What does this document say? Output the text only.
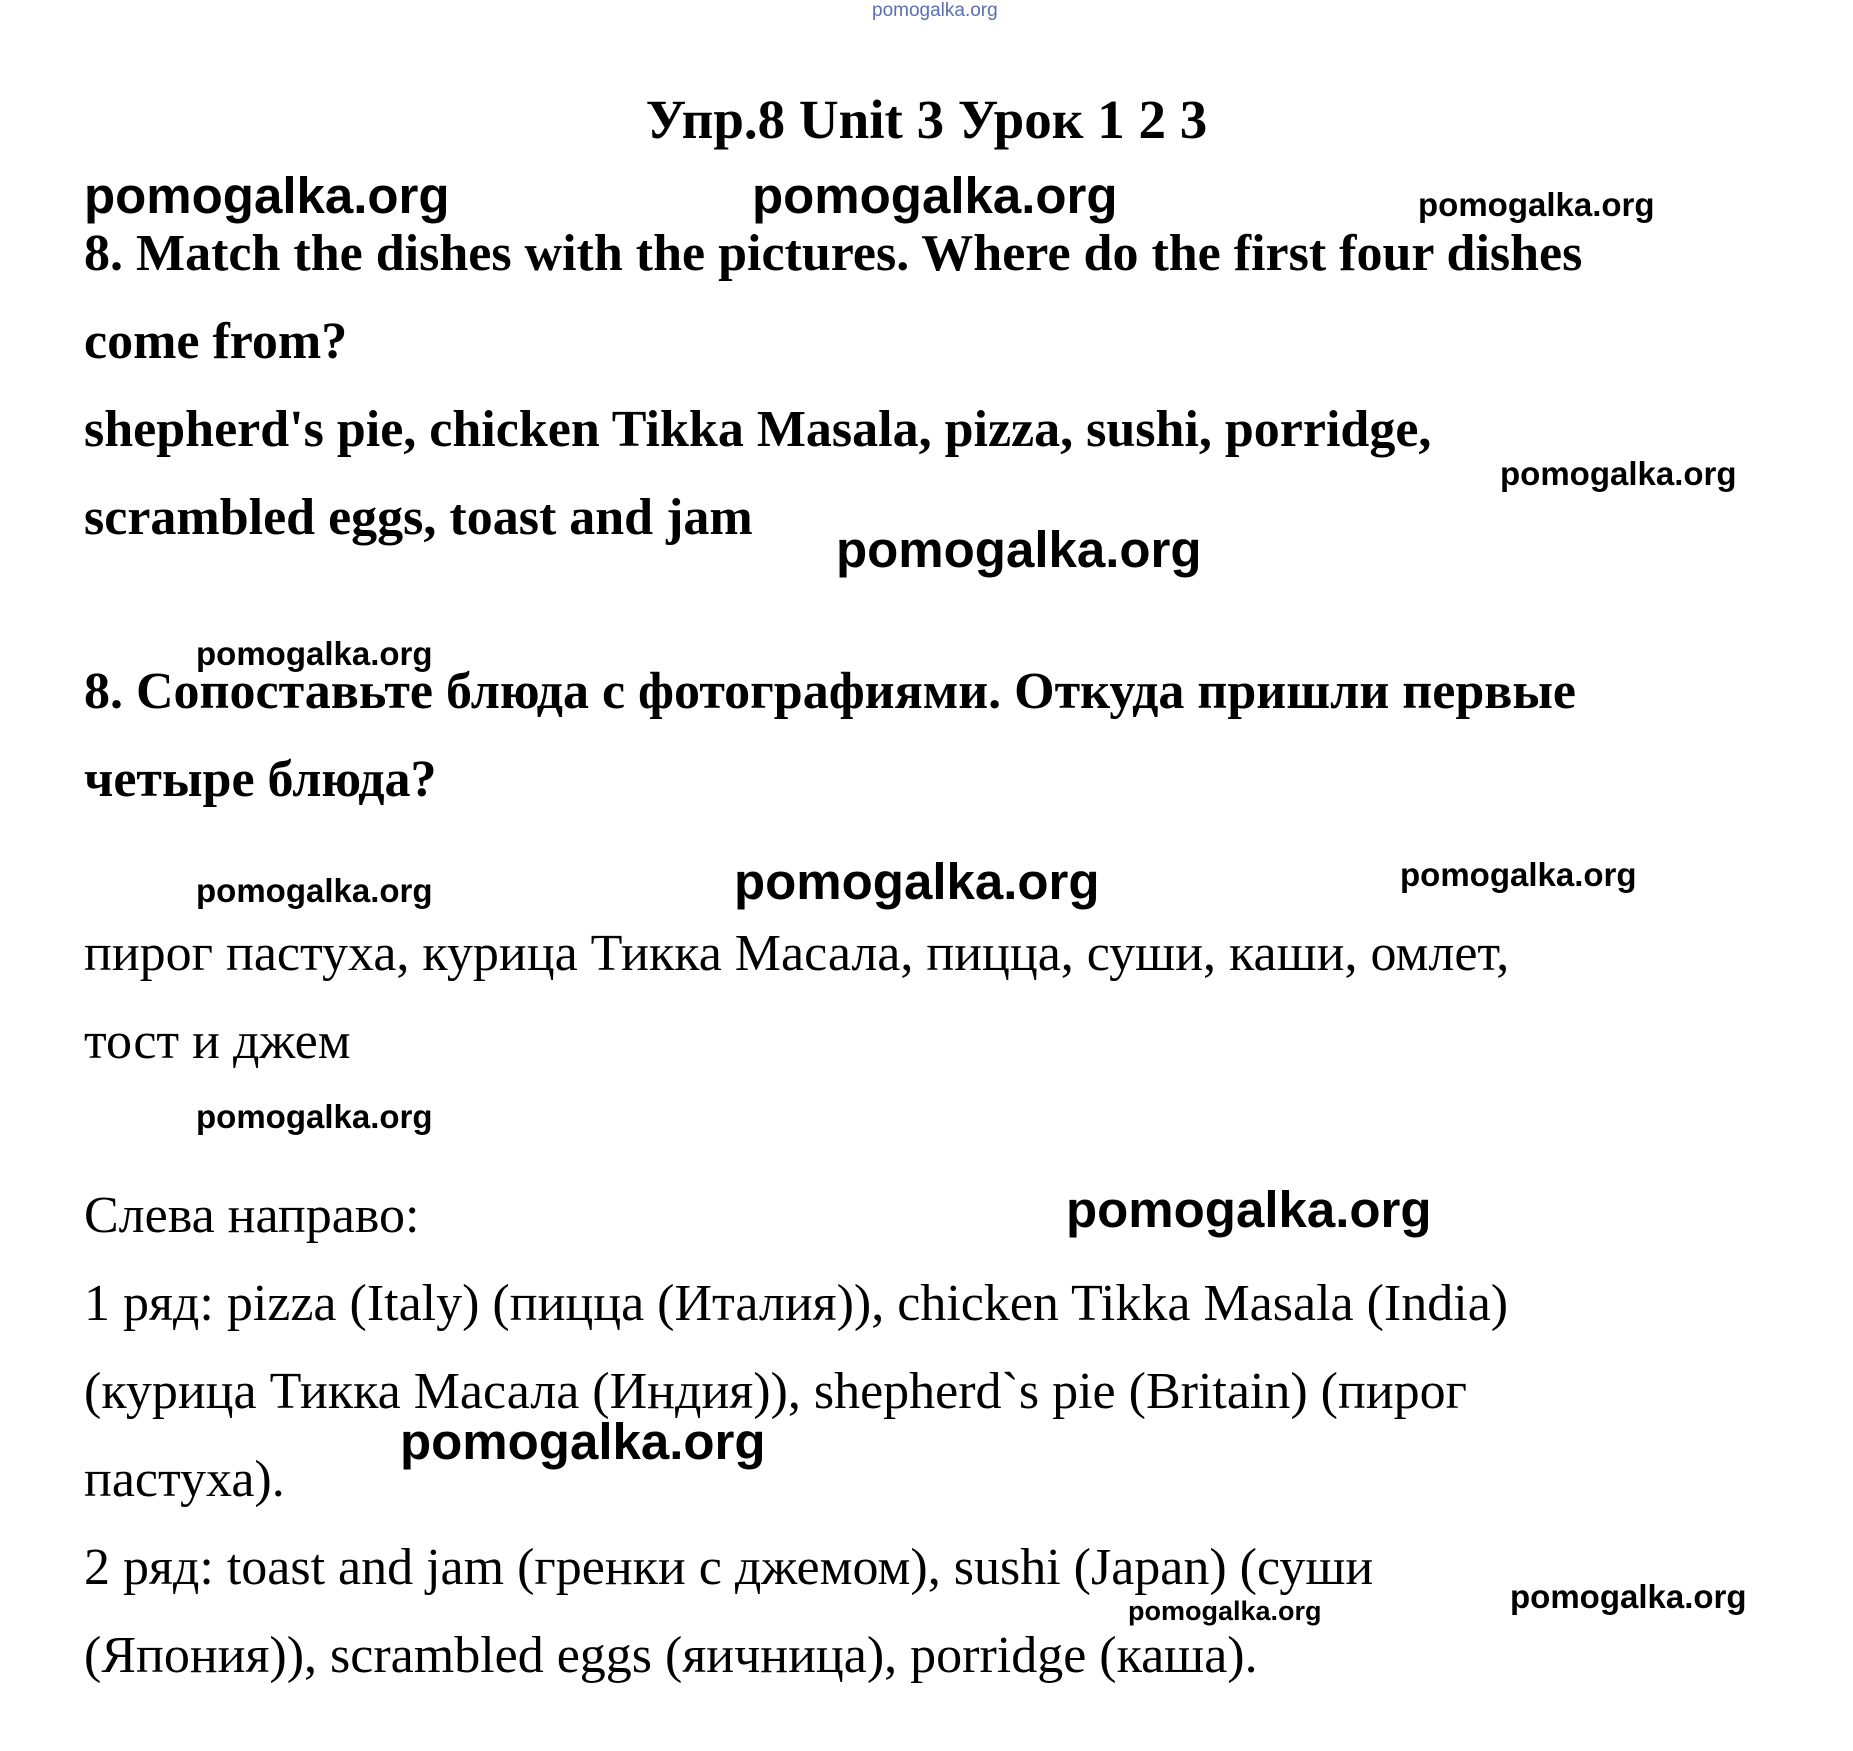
pomogalka.org
Упр.8 Unit 3 Урок 1 2 3
pomogalka.org	pomogalka.org	pomogalka.org
pomogalka.org
pomogalka.org
pomogalka.org
pomogalka.org	pomogalka.org	pomogalka.org
pomogalka.org
pomogalka.org
pomogalka.org
pomogalka.org
pomogalka.org

8. Match the dishes with the pictures. Where do the first four dishes

come from?

shepherd's pie, chicken Tikka Masala, pizza, sushi, porridge,

scrambled eggs, toast and jam

8. Сопоставьте блюда с фотографиями. Откуда пришли первые

четыре блюда?

пирог пастуха, курица Тикка Масала, пицца, суши, каши, омлет,

тост и джем

Слева направо:

1 ряд: pizza (Italy) (пицца (Италия)), chicken Tikka Masala (India)

(курица Тикка Масала (Индия)), shepherd`s pie (Britain) (пирог

пастуха).

2 ряд: toast and jam (гренки с джемом), sushi (Japan) (суши

(Япония)), scrambled eggs (яичница), porridge (каша).
